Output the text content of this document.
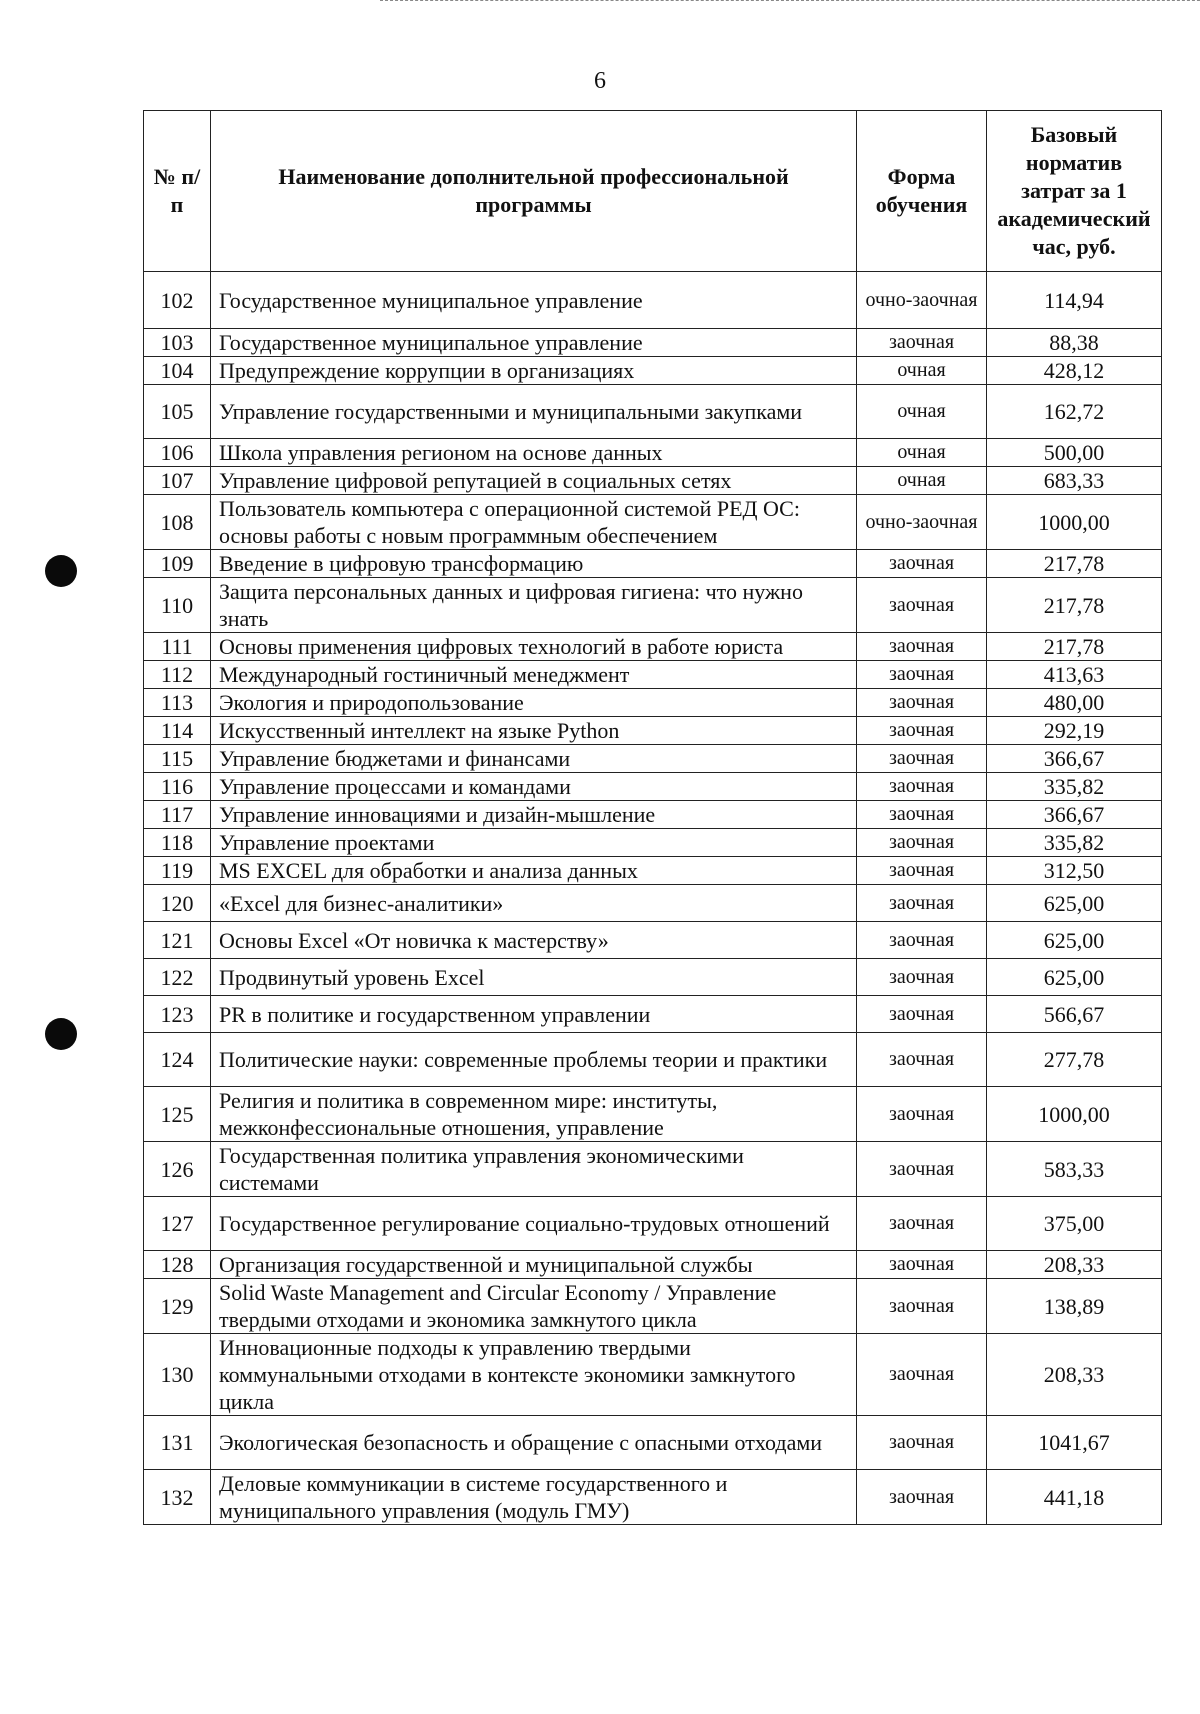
6
№ п/п	Наименование дополнительной профессиональной программы	Форма обучения	Базовый норматив затрат за 1 академический час, руб.
102	Государственное муниципальное управление	очно-заочная	114,94
103	Государственное муниципальное управление	заочная	88,38
104	Предупреждение коррупции в организациях	очная	428,12
105	Управление государственными и муниципальными закупками	очная	162,72
106	Школа управления регионом на основе данных	очная	500,00
107	Управление цифровой репутацией в социальных сетях	очная	683,33
108	Пользователь компьютера с операционной системой РЕД ОС: основы работы с новым программным обеспечением	очно-заочная	1000,00
109	Введение в цифровую трансформацию	заочная	217,78
110	Защита персональных данных и цифровая гигиена: что нужно знать	заочная	217,78
111	Основы применения цифровых технологий в работе юриста	заочная	217,78
112	Международный гостиничный менеджмент	заочная	413,63
113	Экология и природопользование	заочная	480,00
114	Искусственный интеллект на языке Python	заочная	292,19
115	Управление бюджетами и финансами	заочная	366,67
116	Управление процессами и командами	заочная	335,82
117	Управление инновациями и дизайн-мышление	заочная	366,67
118	Управление проектами	заочная	335,82
119	MS EXCEL для обработки и анализа данных	заочная	312,50
120	«Excel для бизнес-аналитики»	заочная	625,00
121	Основы Excel «От новичка к мастерству»	заочная	625,00
122	Продвинутый уровень Excel	заочная	625,00
123	PR в политике и государственном управлении	заочная	566,67
124	Политические науки: современные проблемы теории и практики	заочная	277,78
125	Религия и политика в современном мире: институты, межконфессиональные отношения, управление	заочная	1000,00
126	Государственная политика управления экономическими системами	заочная	583,33
127	Государственное регулирование социально-трудовых отношений	заочная	375,00
128	Организация государственной и муниципальной службы	заочная	208,33
129	Solid Waste Management and Circular Economy / Управление твердыми отходами и экономика замкнутого цикла	заочная	138,89
130	Инновационные подходы к управлению твердыми коммунальными отходами в контексте экономики замкнутого цикла	заочная	208,33
131	Экологическая безопасность и обращение с опасными отходами	заочная	1041,67
132	Деловые коммуникации в системе государственного и муниципального управления (модуль ГМУ)	заочная	441,18
